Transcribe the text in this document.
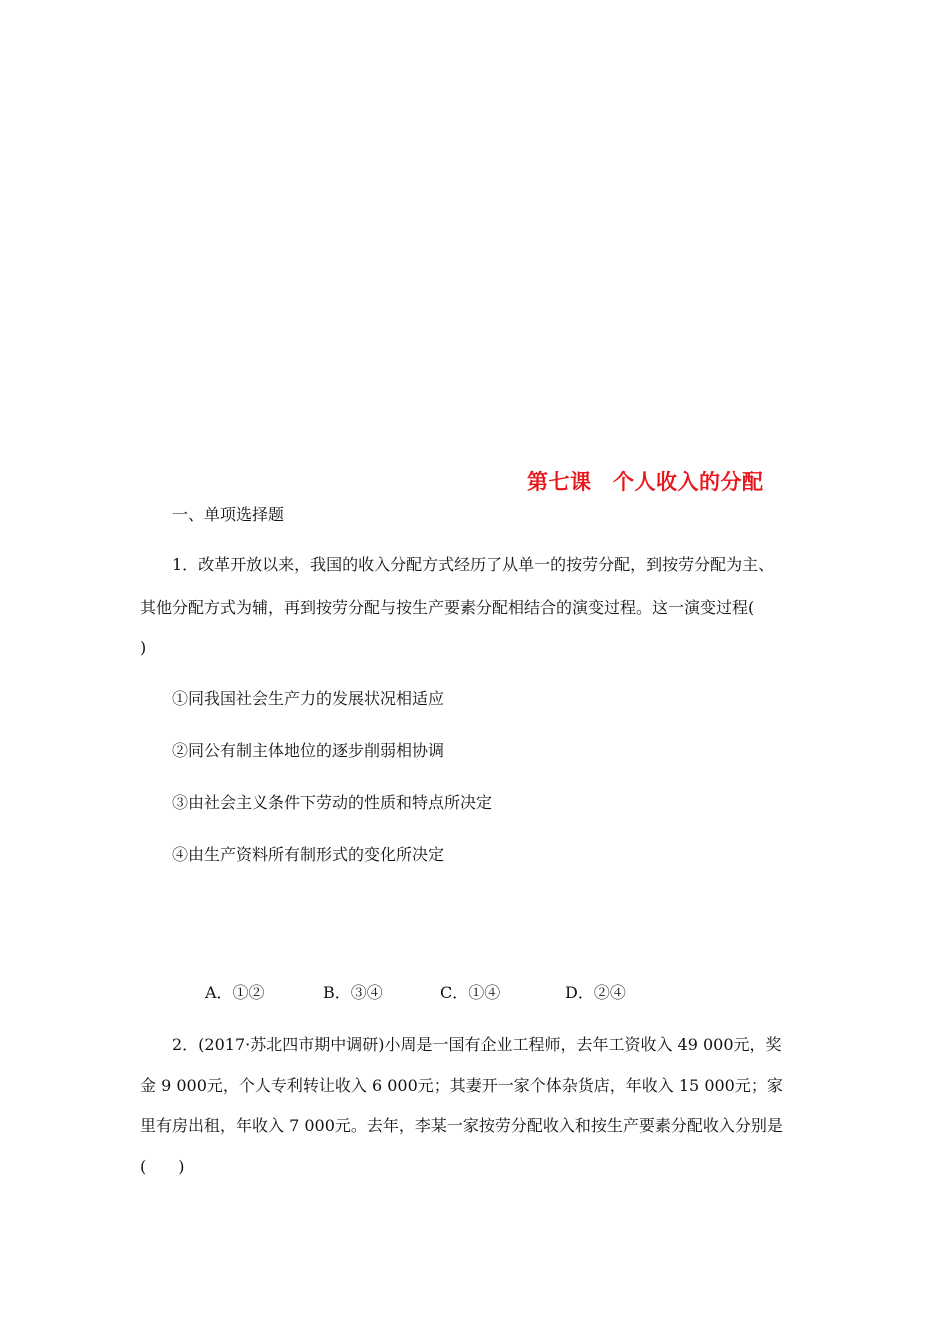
第七课　个人收入的分配
一、单项选择题
1．改革开放以来，我国的收入分配方式经历了从单一的按劳分配，到按劳分配为主、
其他分配方式为辅，再到按劳分配与按生产要素分配相结合的演变过程。这一演变过程(
)
①同我国社会生产力的发展状况相适应
②同公有制主体地位的逐步削弱相协调
③由社会主义条件下劳动的性质和特点所决定
④由生产资料所有制形式的变化所决定
A．①②	B．③④	C．①④	D．②④
2．(2017·苏北四市期中调研)小周是一国有企业工程师，去年工资收入 49 000元，奖
金 9 000元，个人专利转让收入 6 000元；其妻开一家个体杂货店，年收入 15 000元；家
里有房出租，年收入 7 000元。去年，李某一家按劳分配收入和按生产要素分配收入分别是
(　　)
